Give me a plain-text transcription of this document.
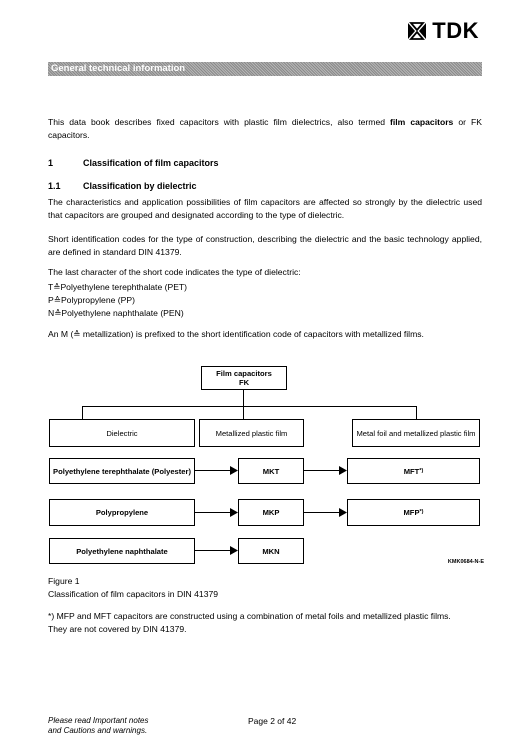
TDK
General technical information
This data book describes fixed capacitors with plastic film dielectrics, also termed film capacitors or FK capacitors.
1	Classification of film capacitors
1.1 Classification by dielectric
The characteristics and application possibilities of film capacitors are affected so strongly by the dielectric used that capacitors are grouped and designated according to the type of dielectric.
Short identification codes for the type of construction, describing the dielectric and the basic technology applied, are defined in standard DIN 41379.
The last character of the short code indicates the type of dielectric:
T≙Polyethylene terephthalate (PET)
P≙Polypropylene (PP)
N≙Polyethylene naphthalate (PEN)
An M (≙ metallization) is prefixed to the short identification code of capacitors with metallized films.
Film capacitors
FK
Dielectric	Metallized plastic film	Metal foil and metallized plastic film
Polyethylene terephthalate (Polyester)	MKT	MFT *)
Polypropylene	MKP	MFP *)
Polyethylene naphthalate	MKN
KMK0684-N-E
Figure 1
Classification of film capacitors in DIN 41379
*) MFP and MFT capacitors are constructed using a combination of metal foils and metallized plastic films. They are not covered by DIN 41379.
Please read Important notes
and Cautions and warnings.
Page 2 of 42
